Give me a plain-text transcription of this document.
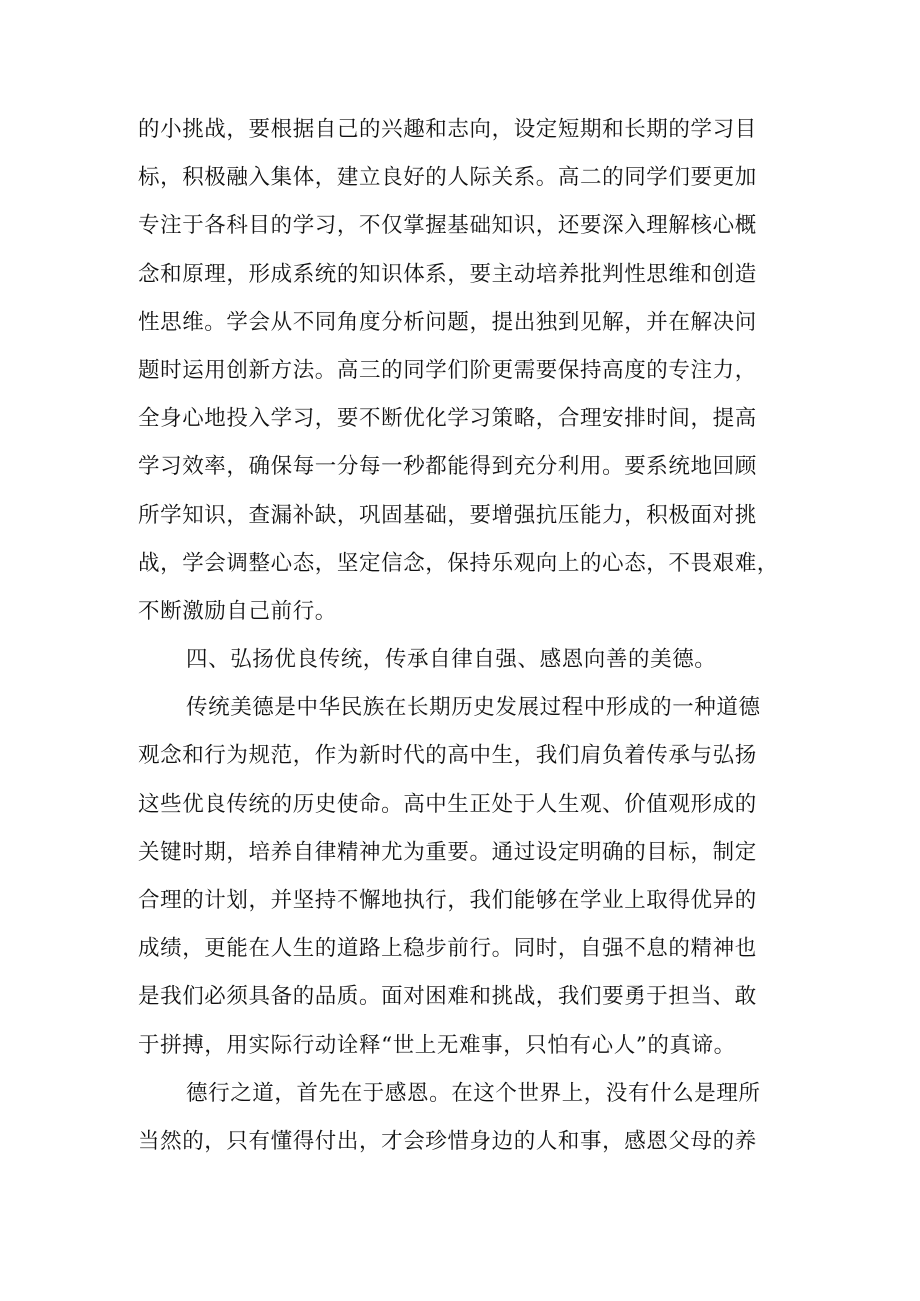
的小挑战，要根据自己的兴趣和志向，设定短期和长期的学习目
标，积极融入集体，建立良好的人际关系。高二的同学们要更加
专注于各科目的学习，不仅掌握基础知识，还要深入理解核心概
念和原理，形成系统的知识体系，要主动培养批判性思维和创造
性思维。学会从不同角度分析问题，提出独到见解，并在解决问
题时运用创新方法。高三的同学们阶更需要保持高度的专注力，
全身心地投入学习，要不断优化学习策略，合理安排时间，提高
学习效率，确保每一分每一秒都能得到充分利用。要系统地回顾
所学知识，查漏补缺，巩固基础，要增强抗压能力，积极面对挑
战，学会调整心态，坚定信念，保持乐观向上的心态，不畏艰难，
不断激励自己前行。
四、弘扬优良传统，传承自律自强、感恩向善的美德。
传统美德是中华民族在长期历史发展过程中形成的一种道德
观念和行为规范，作为新时代的高中生，我们肩负着传承与弘扬
这些优良传统的历史使命。高中生正处于人生观、价值观形成的
关键时期，培养自律精神尤为重要。通过设定明确的目标，制定
合理的计划，并坚持不懈地执行，我们能够在学业上取得优异的
成绩，更能在人生的道路上稳步前行。同时，自强不息的精神也
是我们必须具备的品质。面对困难和挑战，我们要勇于担当、敢
于拼搏，用实际行动诠释“世上无难事，只怕有心人”的真谛。
德行之道，首先在于感恩。在这个世界上，没有什么是理所
当然的，只有懂得付出，才会珍惜身边的人和事，感恩父母的养
